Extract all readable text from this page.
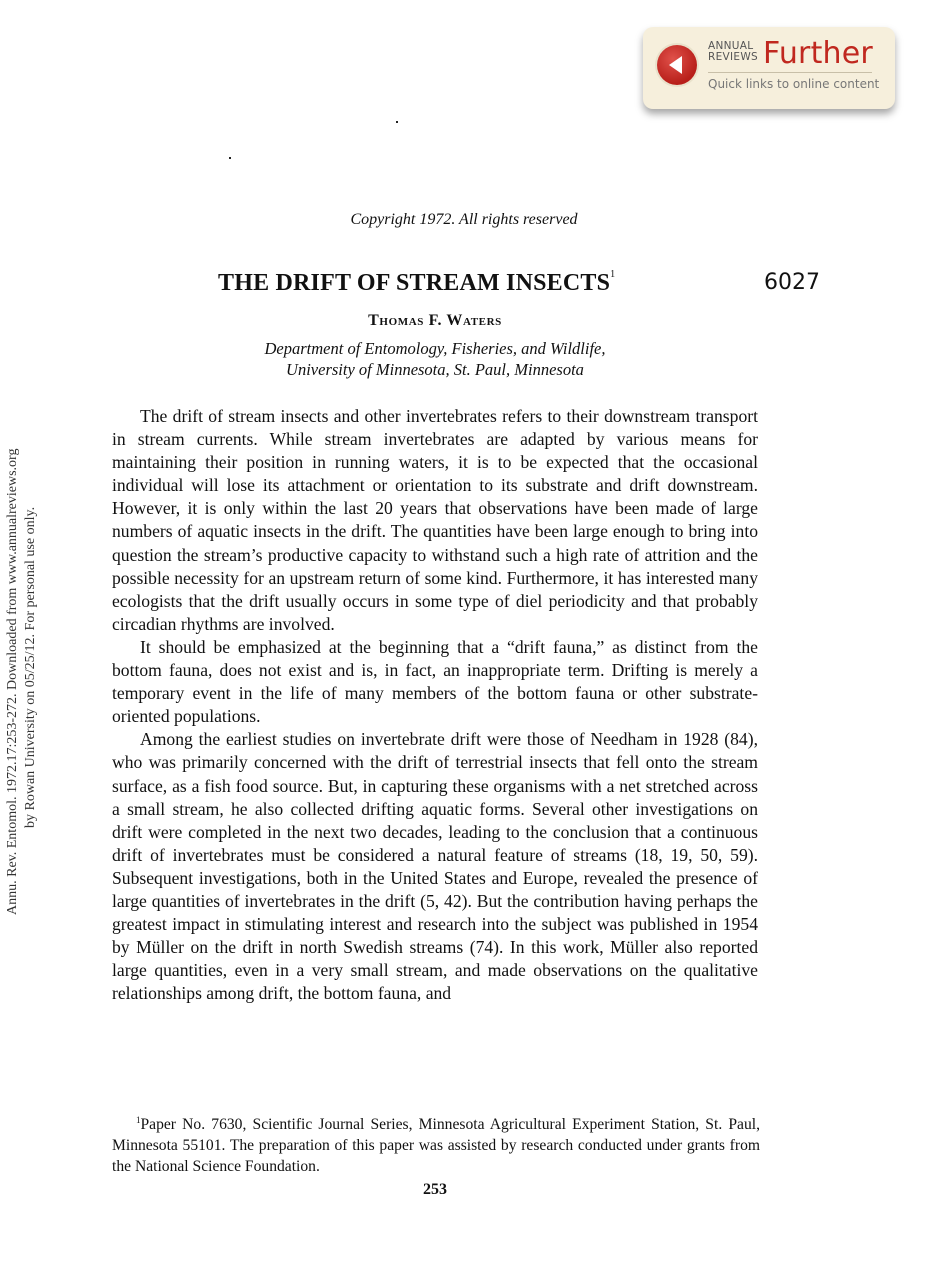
ANNUAL
REVIEWS Further
Quick links to online content
Annu. Rev. Entomol. 1972.17:253-272. Downloaded from www.annualreviews.org by Rowan University on 05/25/12. For personal use only.
Copyright 1972. All rights reserved
THE DRIFT OF STREAM INSECTS$^1$	6027
Thomas F. Waters
Department of Entomology, Fisheries, and Wildlife,
University of Minnesota, St. Paul, Minnesota

The drift of stream insects and other invertebrates refers to their downstream transport in stream currents. While stream invertebrates are adapted by various means for maintaining their position in running waters, it is to be expected that the occasional individual will lose its attachment or orientation to its substrate and drift downstream. However, it is only within the last 20 years that observations have been made of large numbers of aquatic insects in the drift. The quantities have been large enough to bring into question the stream’s productive capacity to withstand such a high rate of attrition and the possible necessity for an upstream return of some kind. Furthermore, it has interested many ecologists that the drift usually occurs in some type of diel periodicity and that probably circadian rhythms are involved.

It should be emphasized at the beginning that a “drift fauna,” as distinct from the bottom fauna, does not exist and is, in fact, an inappropriate term. Drifting is merely a temporary event in the life of many members of the bottom fauna or other substrate-oriented populations.

Among the earliest studies on invertebrate drift were those of Needham in 1928 (84), who was primarily concerned with the drift of terrestrial insects that fell onto the stream surface, as a fish food source. But, in capturing these organisms with a net stretched across a small stream, he also collected drifting aquatic forms. Several other investigations on drift were completed in the next two decades, leading to the conclusion that a continuous drift of invertebrates must be considered a natural feature of streams (18, 19, 50, 59). Subsequent investigations, both in the United States and Europe, revealed the presence of large quantities of invertebrates in the drift (5, 42). But the contribution having perhaps the greatest impact in stimulating interest and research into the subject was published in 1954 by Müller on the drift in north Swedish streams (74). In this work, Müller also reported large quantities, even in a very small stream, and made observations on the qualitative relationships among drift, the bottom fauna, and

$^1$Paper No. 7630, Scientific Journal Series, Minnesota Agricultural Experiment Station, St. Paul, Minnesota 55101. The preparation of this paper was assisted by research conducted under grants from the National Science Foundation.

253
